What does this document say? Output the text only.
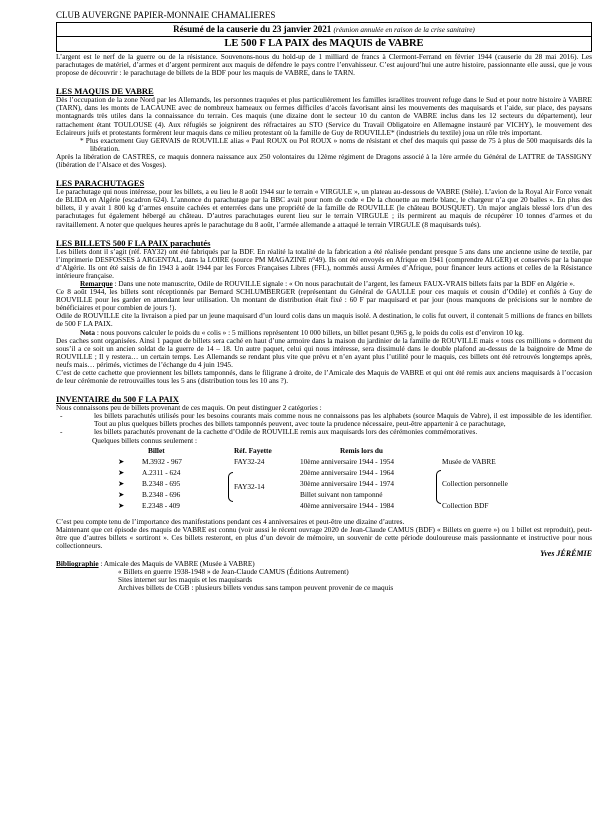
CLUB AUVERGNE PAPIER-MONNAIE CHAMALIERES
Résumé de la causerie du 23 janvier 2021 (réunion annulée en raison de la crise sanitaire)
LE 500 F LA PAIX des MAQUIS de VABRE

L’argent est le nerf de la guerre ou de la résistance. Souvenons-nous du hold-up de 1 milliard de francs à Clermont-Ferrand en février 1944 (causerie du 28 mai 2016). Les parachutages de matériel, d’armes et d’argent permirent aux maquis de défendre le pays contre l’envahisseur. C’est aujourd’hui une autre histoire, passionnante elle aussi, que je vous propose de découvrir : le parachutage de billets de la BDF pour les maquis de VABRE, dans le TARN.

LES MAQUIS DE VABRE

Dès l’occupation de la zone Nord par les Allemands, les personnes traquées et plus particulièrement les familles israélites trouvent refuge dans le Sud et pour notre histoire à VABRE (TARN), dans les monts de LACAUNE avec de nombreux hameaux ou fermes difficiles d’accès favorisant ainsi les mouvements des maquisards et l’aide, sur place, des paysans montagnards très utiles dans la connaissance du terrain. Ces maquis (une dizaine dont le secteur 10 du canton de VABRE inclus dans les 12 secteurs du département), leur rattachement étant TOULOUSE (4). Aux réfugiés se joignirent des réfractaires au STO (Service du Travail Obligatoire en Allemagne instauré par VICHY), le mouvement des Eclaireurs juifs et protestants formèrent leur maquis dans ce milieu protestant où la famille de Guy de ROUVILLE* (industriels du textile) joua un rôle très important.

* Plus exactement Guy GERVAIS de ROUVILLE alias « Paul ROUX ou Pol ROUX » noms de résistant et chef des maquis qui passe de 75 à plus de 500 maquisards dès la libération.

Après la libération de CASTRES, ce maquis donnera naissance aux 250 volontaires du 12ème régiment de Dragons associé à la 1ère armée du Général de LATTRE de TASSIGNY (libération de l’Alsace et des Vosges).

LES PARACHUTAGES

Le parachutage qui nous intéresse, pour les billets, a eu lieu le 8 août 1944 sur le terrain « VIRGULE », un plateau au-dessous de VABRE (Stèle). L’avion de la Royal Air Force venait de BLIDA en Algérie (escadron 624). L’annonce du parachutage par la BBC avait pour nom de code « De la chouette au merle blanc, le chargeur n’a que 20 balles ». En plus des billets, il y avait 1 800 kg d’armes ensuite cachées et enterrées dans une propriété de la famille de ROUVILLE (le château BOUSQUET). Un major anglais blessé lors d’un des parachutages fut également hébergé au château. D’autres parachutages eurent lieu sur le terrain VIRGULE ; ils permirent au maquis de récupérer 10 tonnes d’armes et du ravitaillement. A noter que quelques heures après le parachutage du 8 août, l’armée allemande a attaqué le terrain VIRGULE (8 maquisards tués).

LES BILLETS 500 F LA PAIX parachutés

Les billets dont il s’agit (réf. FAY32) ont été fabriqués par la BDF. En réalité la totalité de la fabrication a été réalisée pendant presque 5 ans dans une ancienne usine de textile, par l’imprimerie DESFOSSES à ARGENTAL, dans la LOIRE (source PM MAGAZINE n°49). Ils ont été envoyés en Afrique en 1941 (comprendre ALGER) et conservés par la banque d’Algérie. Ils ont été saisis de fin 1943 à août 1944 par les Forces Françaises Libres (FFL), nommés aussi Armées d’Afrique, pour financer leurs actions et celles de la Résistance intérieure française.

Remarque : Dans une note manuscrite, Odile de ROUVILLE signale : « On nous parachutait de l’argent, les fameux FAUX-VRAIS billets faits par la BDF en Algérie ».

Ce 8 août 1944, les billets sont réceptionnés par Bernard SCHLUMBERGER (représentant du Général de GAULLE pour ces maquis et cousin d’Odile) et confiés à Guy de ROUVILLE pour les garder en attendant leur utilisation. Un montant de distribution était fixé : 60 F par maquisard et par jour (nous manquons de précisions sur le nombre de bénéficiaires et pour combien de jours !).

Odile de ROUVILLE cite la livraison a pied par un jeune maquisard d’un lourd colis dans un maquis isolé. A destination, le colis fut ouvert, il contenait 5 millions de francs en billets de 500 F LA PAIX.

Nota : nous pouvons calculer le poids du « colis » : 5 millions représentent 10 000 billets, un billet pesant 0,965 g, le poids du colis est d’environ 10 kg.

Des caches sont organisées. Ainsi 1 paquet de billets sera caché en haut d’une armoire dans la maison du jardinier de la famille de ROUVILLE mais « tous ces millions » dorment du sous’il a ce soit un ancien soldat de la guerre de 14 – 18. Un autre paquet, celui qui nous intéresse, sera dissimulé dans le double plafond au-dessus de la baignoire de Mme de ROUVILLE ; Il y restera… un certain temps. Les Allemands se rendant plus vite que prévu et n’en ayant plus l’utilité pour le maquis, ces billets ont été retrouvés longtemps après, neufs mais… périmés, victimes de l’échange du 4 juin 1945.

C’est de cette cachette que proviennent les billets tamponnés, dans le filigrane à droite, de l’Amicale des Maquis de VABRE et qui ont été remis aux anciens maquisards à l’occasion de leur cérémonie de retrouvailles tous les 5 ans (distribution tous les 10 ans ?).

INVENTAIRE du 500 F LA PAIX

Nous connaissons peu de billets provenant de ces maquis. On peut distinguer 2 catégories :

- les billets parachutés utilisés pour les besoins courants mais comme nous ne connaissons pas les alphabets (source Maquis de Vabre), il est impossible de les identifier. Tout au plus quelques billets proches des billets tamponnés peuvent, avec toute la prudence nécessaire, peut-être appartenir à ce parachutage,

- les billets parachutés provenant de la cachette d’Odile de ROUVILLE remis aux maquisards lors des cérémonies commémoratives.

Quelques billets connus seulement :

Billet	Réf. Fayette	Remis lors du
➤
➤
➤
➤
➤
M.3932 - 967
A.2311 - 624
B.2348 - 695
B.2348 - 696
E.2348 - 409
FAY32-24
FAY32-14
10ème anniversaire 1944 - 1954
20ème anniversaire 1944 - 1964
30ème anniversaire 1944 - 1974
Billet suivant non tamponné
40ème anniversaire 1944 - 1984
Musée de VABRE
Collection personnelle
Collection BDF

C’est peu compte tenu de l’importance des manifestations pendant ces 4 anniversaires et peut-être une dizaine d’autres.

Maintenant que cet épisode des maquis de VABRE est connu (voir aussi le récent ouvrage 2020 de Jean-Claude CAMUS (BDF) « Billets en guerre ») ou 1 billet est reproduit), peut-être que d’autres billets « sortiront ». Ces billets resteront, en plus d’un devoir de mémoire, un souvenir de cette période douloureuse mais passionnante et instructive pour nous collectionneurs.

Yves JÉRÉMIE
Bibliographie : Amicale des Maquis de VABRE (Musée à VABRE)
« Billets en guerre 1938-1948 » de Jean-Claude CAMUS (Éditions Autrement)
Sites internet sur les maquis et les maquisards
Archives billets de CGB : plusieurs billets vendus sans tampon peuvent provenir de ce maquis
